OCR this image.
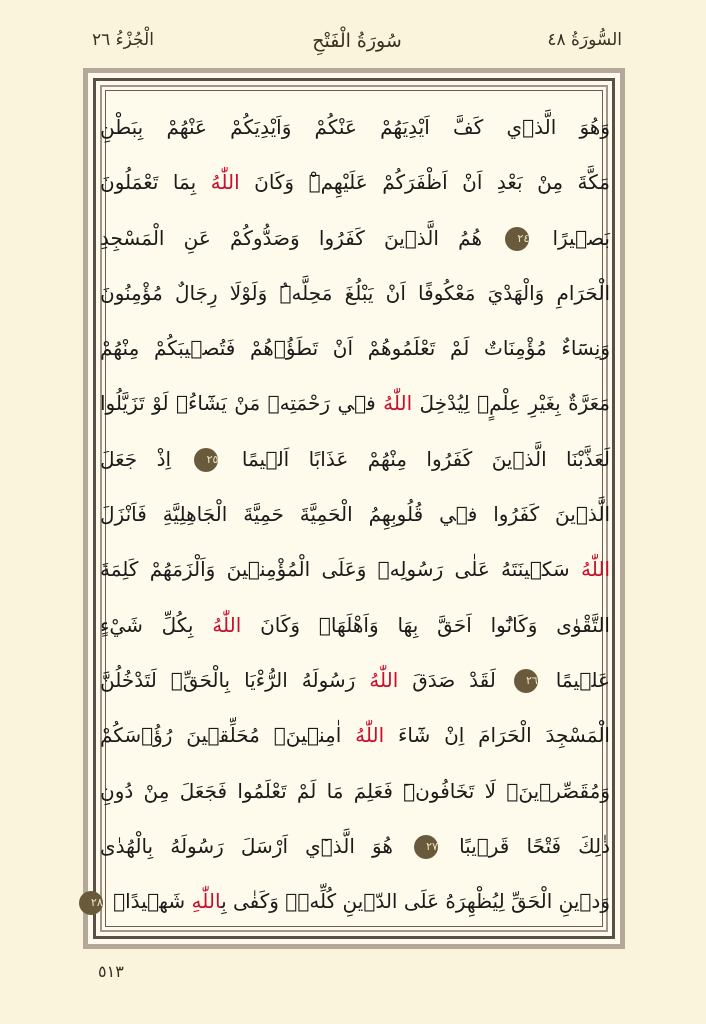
السُّورَةُ ٤٨
سُورَةُ الْفَتْحِ
الْجُزْءُ ٢٦
وَهُوَ الَّذ۪ي كَفَّ اَيْدِيَهُمْ عَنْكُمْ وَاَيْدِيَكُمْ عَنْهُمْ بِبَطْنِ
مَكَّةَ مِنْ بَعْدِ اَنْ اَظْفَرَكُمْ عَلَيْهِمْۜ وَكَانَ اللّٰهُ بِمَا تَعْمَلُونَ
بَص۪يرًا ٢٤ هُمُ الَّذ۪ينَ كَفَرُوا وَصَدُّوكُمْ عَنِ الْمَسْجِدِ
الْحَرَامِ وَالْهَدْيَ مَعْكُوفًا اَنْ يَبْلُغَ مَحِلَّهُۜ وَلَوْلَا رِجَالٌ مُؤْمِنُونَ
وَنِسَٓاءٌ مُؤْمِنَاتٌ لَمْ تَعْلَمُوهُمْ اَنْ تَطَؤُ۫هُمْ فَتُص۪يبَكُمْ مِنْهُمْ
مَعَرَّةٌ بِغَيْرِ عِلْمٍۚ لِيُدْخِلَ اللّٰهُ ف۪ي رَحْمَتِه۪ مَنْ يَشَٓاءُۚ لَوْ تَزَيَّلُوا
لَعَذَّبْنَا الَّذ۪ينَ كَفَرُوا مِنْهُمْ عَذَابًا اَل۪يمًا ٢٥ اِذْ جَعَلَ
الَّذ۪ينَ كَفَرُوا ف۪ي قُلُوبِهِمُ الْحَمِيَّةَ حَمِيَّةَ الْجَاهِلِيَّةِ فَاَنْزَلَ
اللّٰهُ سَك۪ينَتَهُ عَلٰى رَسُولِه۪ وَعَلَى الْمُؤْمِن۪ينَ وَاَلْزَمَهُمْ كَلِمَةَ
التَّقْوٰى وَكَانُٓوا اَحَقَّ بِهَا وَاَهْلَهَاۜ وَكَانَ اللّٰهُ بِكُلِّ شَيْءٍ
عَل۪يمًا ٢٦ لَقَدْ صَدَقَ اللّٰهُ رَسُولَهُ الرُّءْيَا بِالْحَقِّۚ لَتَدْخُلُنَّ
الْمَسْجِدَ الْحَرَامَ اِنْ شَٓاءَ اللّٰهُ اٰمِن۪ينَۙ مُحَلِّق۪ينَ رُؤُ۫سَكُمْ
وَمُقَصِّر۪ينَۙ لَا تَخَافُونَۜ فَعَلِمَ مَا لَمْ تَعْلَمُوا فَجَعَلَ مِنْ دُونِ
ذٰلِكَ فَتْحًا قَر۪يبًا ٢٧ هُوَ الَّذ۪ٓي اَرْسَلَ رَسُولَهُ بِالْهُدٰى
وَد۪ينِ الْحَقِّ لِيُظْهِرَهُ عَلَى الدّ۪ينِ كُلِّه۪ۜ وَكَفٰى بِاللّٰهِ شَه۪يدًاۜ ٢٨
٥١٣
